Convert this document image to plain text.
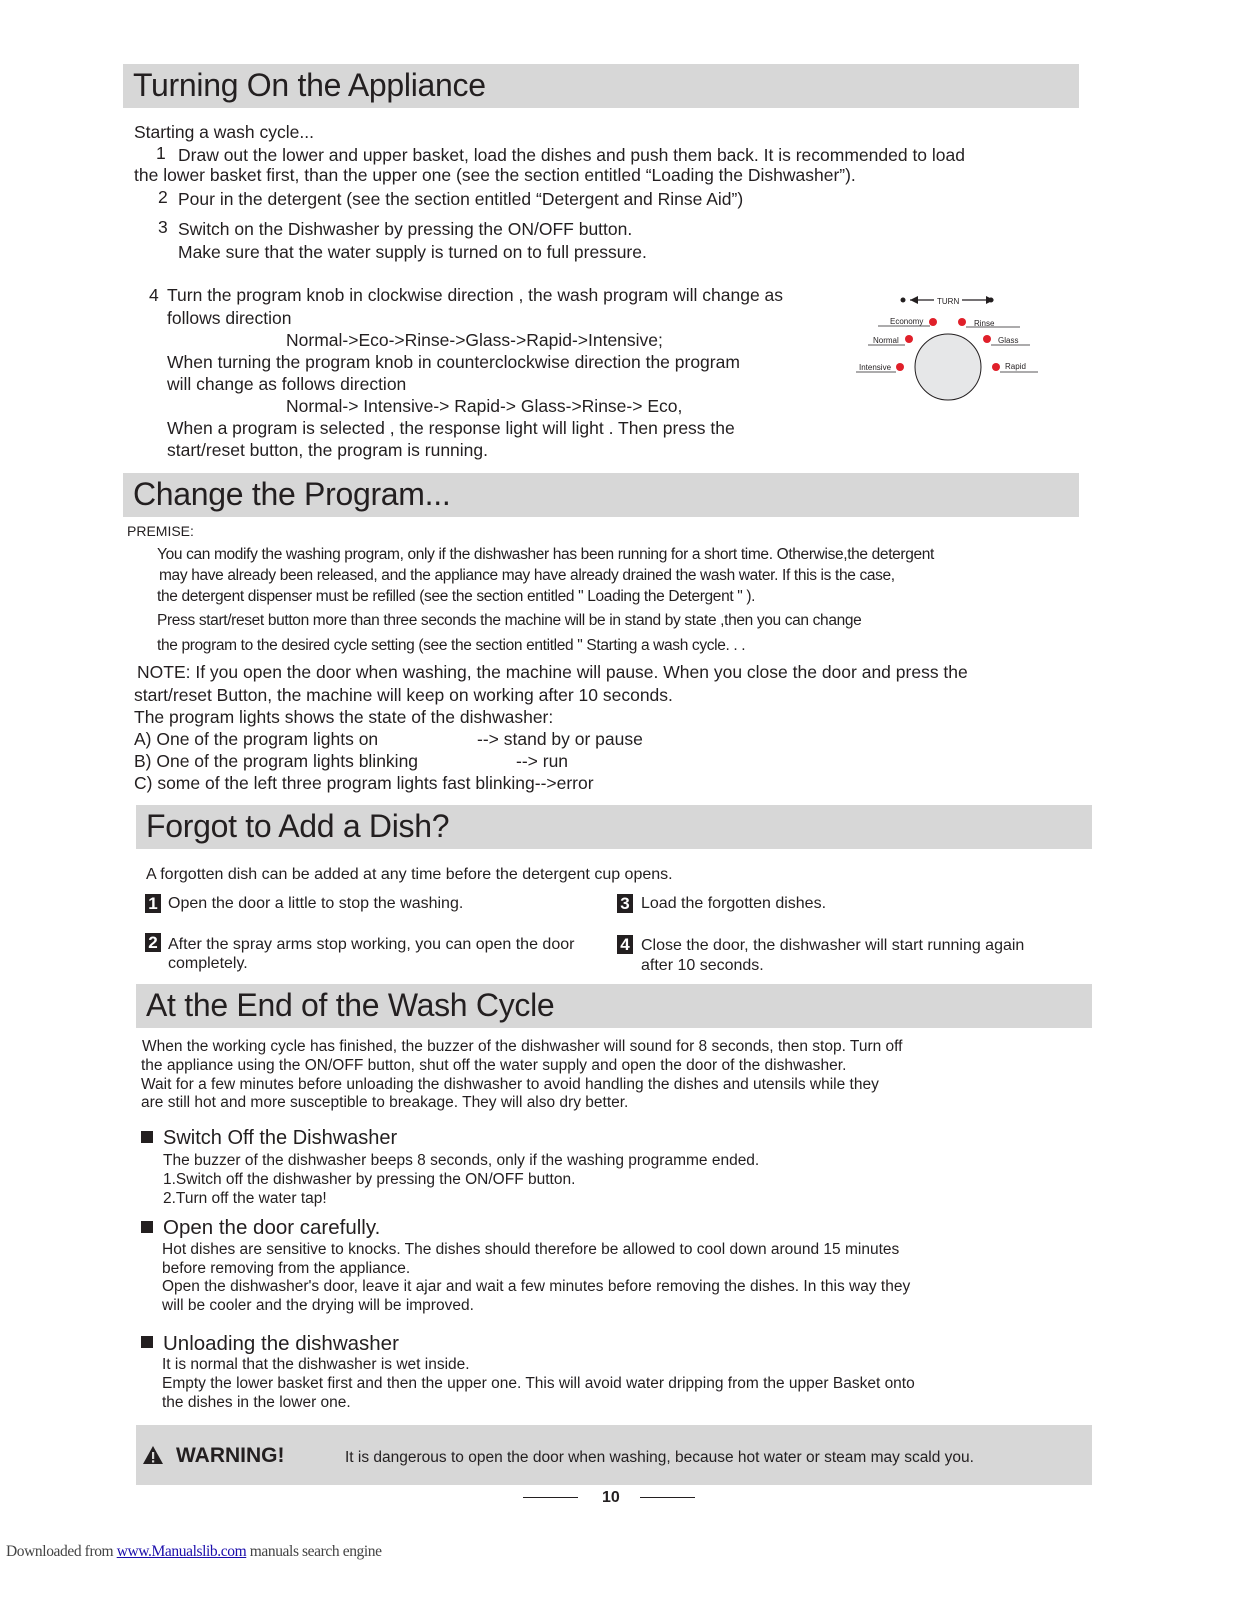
Turning On the Appliance
Starting a wash cycle...
1 Draw out the lower and upper basket, load the dishes and push them back. It is recommended to load
the lower basket first, than the upper one (see the section entitled “Loading the Dishwasher”).
2 Pour in the detergent (see the section entitled “Detergent and Rinse Aid”)
3 Switch on the Dishwasher by pressing the ON/OFF button.
Make sure that the water supply is turned on to full pressure.
4 Turn the program knob in clockwise direction , the wash program will change as
follows direction
Normal->Eco->Rinse->Glass->Rapid->Intensive;
When turning the program knob in counterclockwise direction the program
will change as follows direction
Normal-> Intensive-> Rapid-> Glass->Rinse-> Eco,
When a program is selected , the response light will light . Then press the
start/reset button, the program is running.
TURN
Economy	Rinse
Normal	Glass
Intensive	Rapid
Change the Program...
PREMISE:
You can modify the washing program, only if the dishwasher has been running for a short time. Otherwise,the detergent
may have already been released, and the appliance may have already drained the wash water. If this is the case,
the detergent dispenser must be refilled (see the section entitled " Loading the Detergent " ).
Press start/reset button more than three seconds the machine will be in stand by state ,then you can change
the program to the desired cycle setting (see the section entitled " Starting a wash cycle. . .
NOTE: If you open the door when washing, the machine will pause. When you close the door and press the
start/reset Button, the machine will keep on working after 10 seconds.
The program lights shows the state of the dishwasher:
A) One of the program lights on	--> stand by or pause
B) One of the program lights blinking	--> run
C) some of the left three program lights fast blinking-->error
Forgot to Add a Dish?
A forgotten dish can be added at any time before the detergent cup opens.
1 Open the door a little to stop the washing.
2 After the spray arms stop working, you can open the door
completely.
3 Load the forgotten dishes.
4 Close the door, the dishwasher will start running again
after 10 seconds.
At the End of the Wash Cycle
When the working cycle has finished, the buzzer of the dishwasher will sound for 8 seconds, then stop. Turn off
the appliance using the ON/OFF button, shut off the water supply and open the door of the dishwasher.
Wait for a few minutes before unloading the dishwasher to avoid handling the dishes and utensils while they
are still hot and more susceptible to breakage. They will also dry better.
Switch Off the Dishwasher
The buzzer of the dishwasher beeps 8 seconds, only if the washing programme ended.
1.Switch off the dishwasher by pressing the ON/OFF button.
2.Turn off the water tap!
Open the door carefully.
Hot dishes are sensitive to knocks. The dishes should therefore be allowed to cool down around 15 minutes
before removing from the appliance.
Open the dishwasher's door, leave it ajar and wait a few minutes before removing the dishes. In this way they
will be cooler and the drying will be improved.
Unloading the dishwasher
It is normal that the dishwasher is wet inside.
Empty the lower basket first and then the upper one. This will avoid water dripping from the upper Basket onto
the dishes in the lower one.
WARNING!	It is dangerous to open the door when washing, because hot water or steam may scald you.
10
Downloaded from www.Manualslib.com manuals search engine
